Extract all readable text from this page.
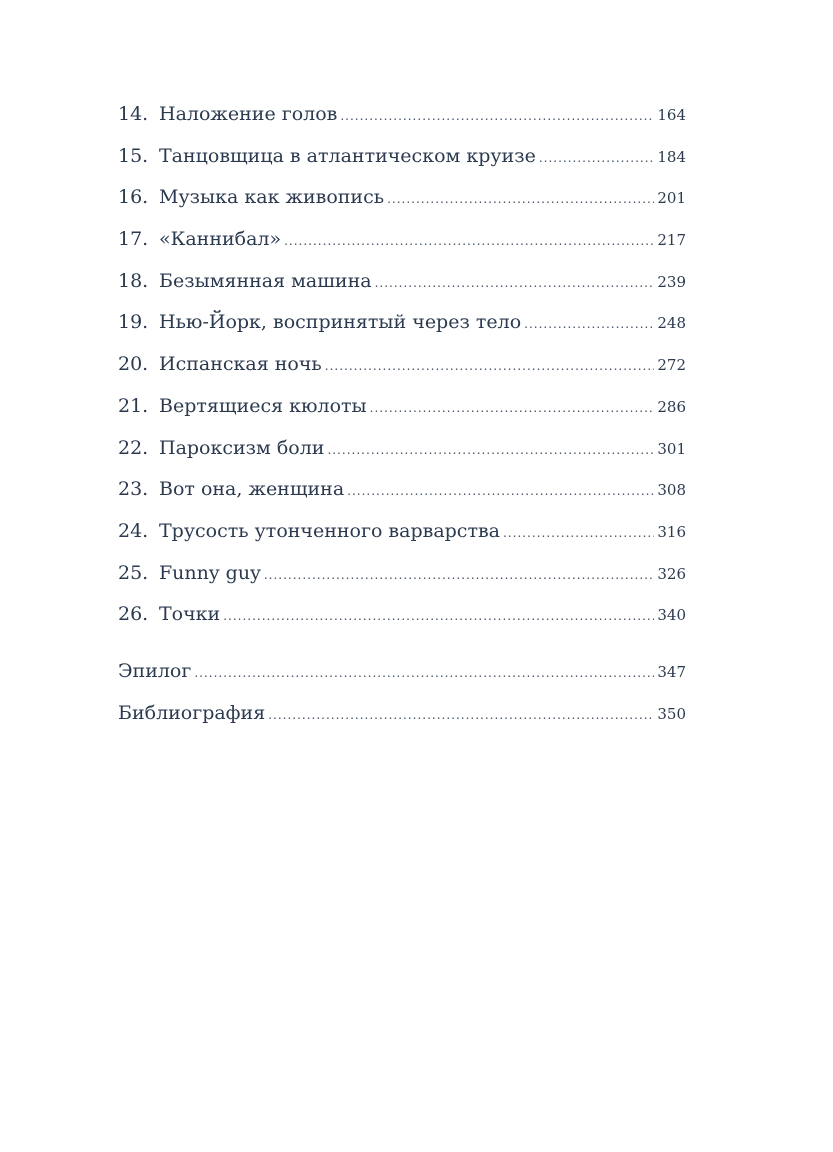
14. Наложение голов .....	164
15. Танцовщица в атлантическом круизе .....	184
16. Музыка как живопись .....	201
17. «Каннибал» .....	217
18. Безымянная машина .....	239
19. Нью-Йорк, воспринятый через тело .....	248
20. Испанская ночь .....	272
21. Вертящиеся кюлоты .....	286
22. Пароксизм боли .....	301
23. Вот она, женщина .....	308
24. Трусость утонченного варварства .....	316
25. Funny guy .....	326
26. Точки .....	340
Эпилог .....	347
Библиография .....	350
